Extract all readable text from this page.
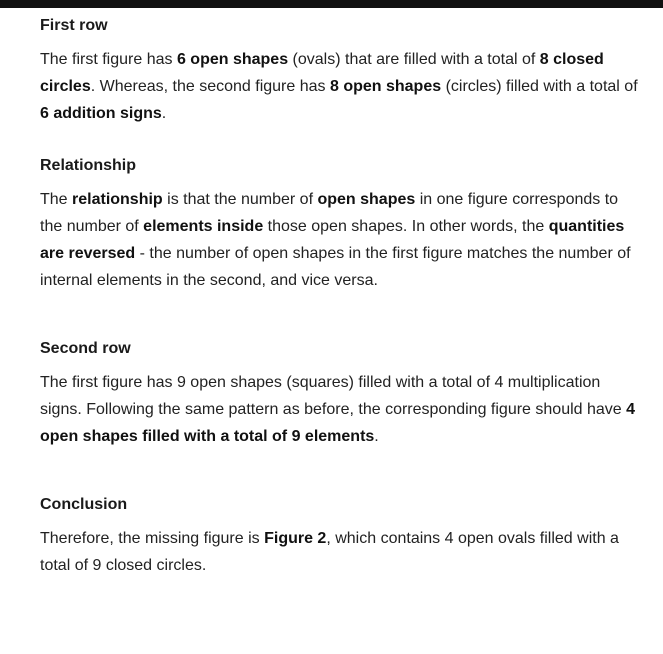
First row

The first figure has 6 open shapes (ovals) that are filled with a total of 8 closed circles. Whereas, the second figure has 8 open shapes (circles) filled with a total of 6 addition signs.

Relationship

The relationship is that the number of open shapes in one figure corresponds to the number of elements inside those open shapes. In other words, the quantities are reversed - the number of open shapes in the first figure matches the number of internal elements in the second, and vice versa.

Second row

The first figure has 9 open shapes (squares) filled with a total of 4 multiplication signs. Following the same pattern as before, the corresponding figure should have 4 open shapes filled with a total of 9 elements.

Conclusion

Therefore, the missing figure is Figure 2, which contains 4 open ovals filled with a total of 9 closed circles.
